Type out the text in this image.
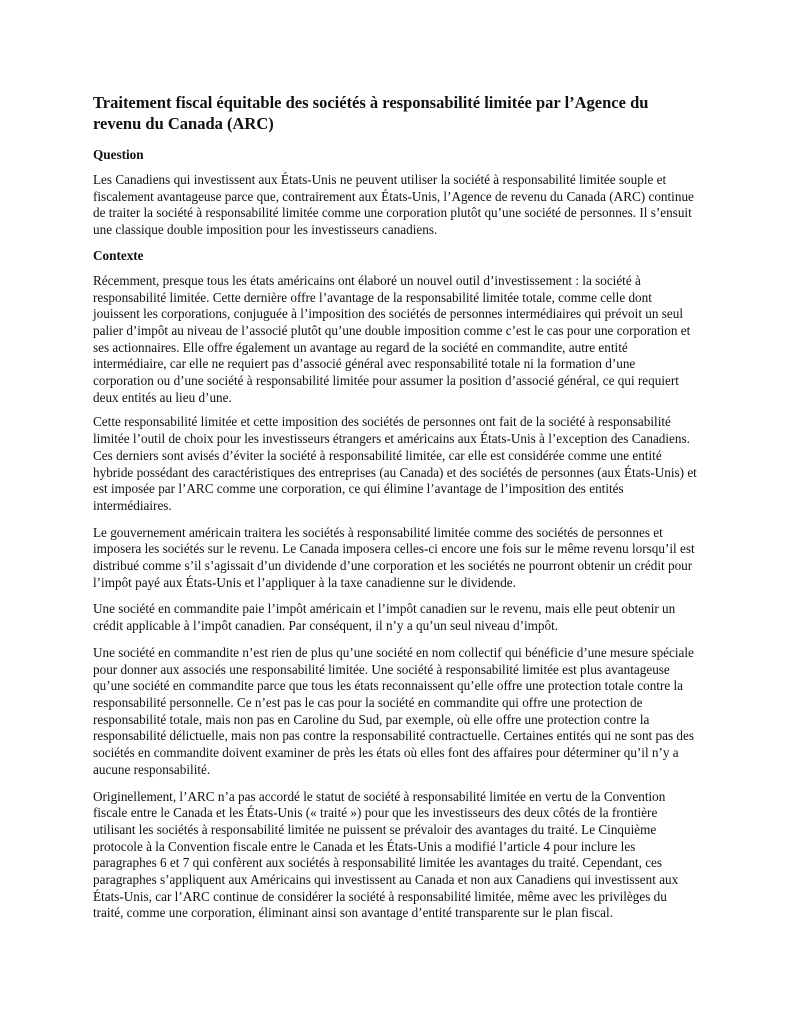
Traitement fiscal équitable des sociétés à responsabilité limitée par l’Agence du revenu du Canada (ARC)
Question

Les Canadiens qui investissent aux États-Unis ne peuvent utiliser la société à responsabilité limitée souple et fiscalement avantageuse parce que, contrairement aux États-Unis, l’Agence de revenu du Canada (ARC) continue de traiter la société à responsabilité limitée comme une corporation plutôt qu’une société de personnes. Il s’ensuit une classique double imposition pour les investisseurs canadiens.

Contexte

Récemment, presque tous les états américains ont élaboré un nouvel outil d’investissement : la société à responsabilité limitée. Cette dernière offre l’avantage de la responsabilité limitée totale, comme celle dont jouissent les corporations, conjuguée à l’imposition des sociétés de personnes intermédiaires qui prévoit un seul palier d’impôt au niveau de l’associé plutôt qu’une double imposition comme c’est le cas pour une corporation et ses actionnaires. Elle offre également un avantage au regard de la société en commandite, autre entité intermédiaire, car elle ne requiert pas d’associé général avec responsabilité totale ni la formation d’une corporation ou d’une société à responsabilité limitée pour assumer la position d’associé général, ce qui requiert deux entités au lieu d’une.

Cette responsabilité limitée et cette imposition des sociétés de personnes ont fait de la société à responsabilité limitée l’outil de choix pour les investisseurs étrangers et américains aux États-Unis à l’exception des Canadiens. Ces derniers sont avisés d’éviter la société à responsabilité limitée, car elle est considérée comme une entité hybride possédant des caractéristiques des entreprises (au Canada) et des sociétés de personnes (aux États-Unis) et est imposée par l’ARC comme une corporation, ce qui élimine l’avantage de l’imposition des entités intermédiaires.

Le gouvernement américain traitera les sociétés à responsabilité limitée comme des sociétés de personnes et imposera les sociétés sur le revenu. Le Canada imposera celles-ci encore une fois sur le même revenu lorsqu’il est distribué comme s’il s’agissait d’un dividende d’une corporation et les sociétés ne pourront obtenir un crédit pour l’impôt payé aux États-Unis et l’appliquer à la taxe canadienne sur le dividende.

Une société en commandite paie l’impôt américain et l’impôt canadien sur le revenu, mais elle peut obtenir un crédit applicable à l’impôt canadien. Par conséquent, il n’y a qu’un seul niveau d’impôt.

Une société en commandite n’est rien de plus qu’une société en nom collectif qui bénéficie d’une mesure spéciale pour donner aux associés une responsabilité limitée. Une société à responsabilité limitée est plus avantageuse qu’une société en commandite parce que tous les états reconnaissent qu’elle offre une protection totale contre la responsabilité personnelle. Ce n’est pas le cas pour la société en commandite qui offre une protection de responsabilité totale, mais non pas en Caroline du Sud, par exemple, où elle offre une protection contre la responsabilité délictuelle, mais non pas contre la responsabilité contractuelle. Certaines entités qui ne sont pas des sociétés en commandite doivent examiner de près les états où elles font des affaires pour déterminer qu’il n’y a aucune responsabilité.

Originellement, l’ARC n’a pas accordé le statut de société à responsabilité limitée en vertu de la Convention fiscale entre le Canada et les États-Unis (« traité ») pour que les investisseurs des deux côtés de la frontière utilisant les sociétés à responsabilité limitée ne puissent se prévaloir des avantages du traité. Le Cinquième protocole à la Convention fiscale entre le Canada et les États-Unis a modifié l’article 4 pour inclure les paragraphes 6 et 7 qui confèrent aux sociétés à responsabilité limitée les avantages du traité. Cependant, ces paragraphes s’appliquent aux Américains qui investissent au Canada et non aux Canadiens qui investissent aux États-Unis, car l’ARC continue de considérer la société à responsabilité limitée, même avec les privilèges du traité, comme une corporation, éliminant ainsi son avantage d’entité transparente sur le plan fiscal.
